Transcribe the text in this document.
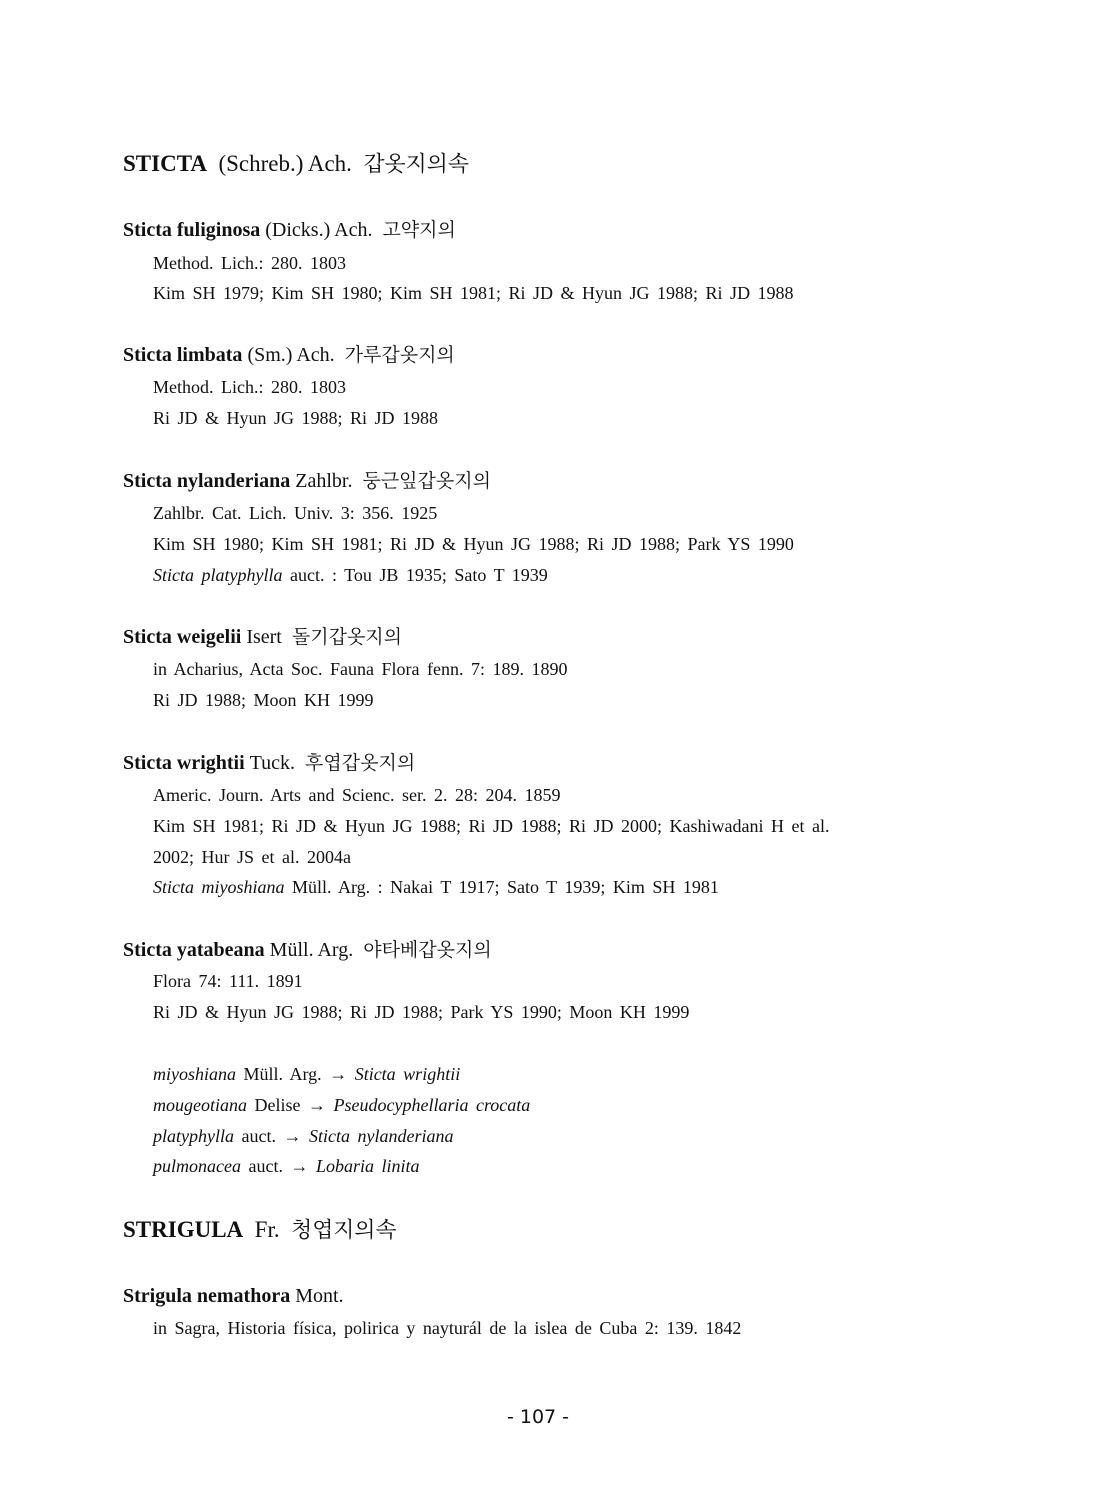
STICTA (Schreb.) Ach. 갑옷지의속
Sticta fuliginosa (Dicks.) Ach. 고약지의
Method. Lich.: 280. 1803
Kim SH 1979; Kim SH 1980; Kim SH 1981; Ri JD & Hyun JG 1988; Ri JD 1988
Sticta limbata (Sm.) Ach. 가루갑옷지의
Method. Lich.: 280. 1803
Ri JD & Hyun JG 1988; Ri JD 1988
Sticta nylanderiana Zahlbr. 둥근잎갑옷지의
Zahlbr. Cat. Lich. Univ. 3: 356. 1925
Kim SH 1980; Kim SH 1981; Ri JD & Hyun JG 1988; Ri JD 1988; Park YS 1990
Sticta platyphylla auct. : Tou JB 1935; Sato T 1939
Sticta weigelii Isert 돌기갑옷지의
in Acharius, Acta Soc. Fauna Flora fenn. 7: 189. 1890
Ri JD 1988; Moon KH 1999
Sticta wrightii Tuck. 후엽갑옷지의
Americ. Journ. Arts and Scienc. ser. 2. 28: 204. 1859
Kim SH 1981; Ri JD & Hyun JG 1988; Ri JD 1988; Ri JD 2000; Kashiwadani H et al.
2002; Hur JS et al. 2004a
Sticta miyoshiana Müll. Arg. : Nakai T 1917; Sato T 1939; Kim SH 1981
Sticta yatabeana Müll. Arg. 야타베갑옷지의
Flora 74: 111. 1891
Ri JD & Hyun JG 1988; Ri JD 1988; Park YS 1990; Moon KH 1999
miyoshiana Müll. Arg. → Sticta wrightii
mougeotiana Delise → Pseudocyphellaria crocata
platyphylla auct. → Sticta nylanderiana
pulmonacea auct. → Lobaria linita
STRIGULA Fr. 청엽지의속
Strigula nemathora Mont.
in Sagra, Historia física, polirica y nayturál de la islea de Cuba 2: 139. 1842
- 107 -
